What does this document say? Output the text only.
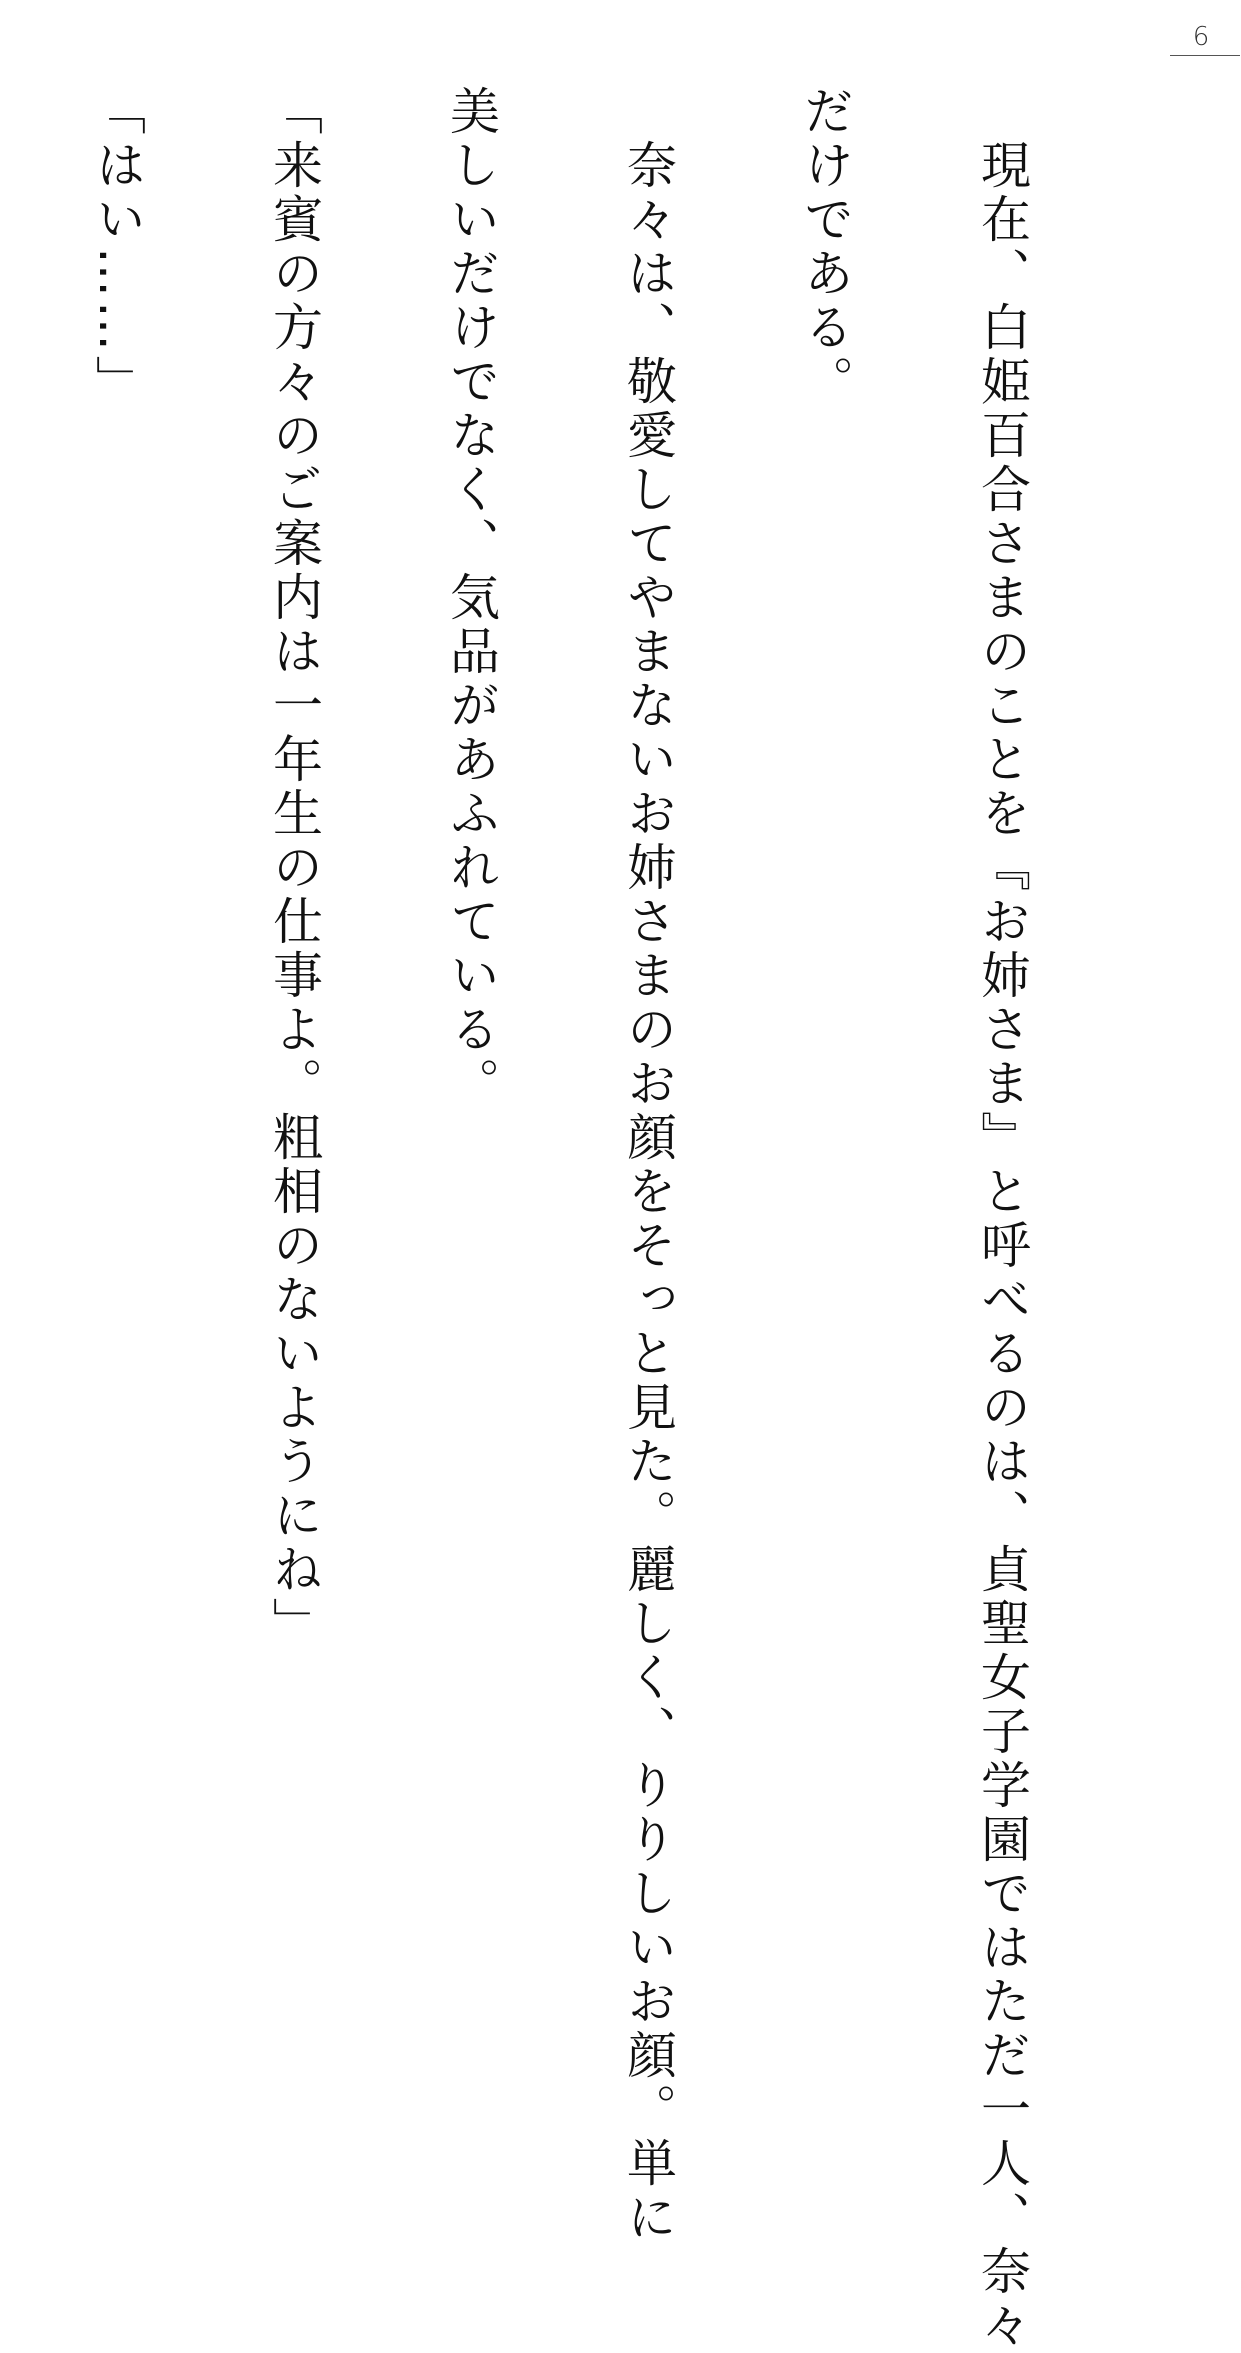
6

　現在、白姫百合さまのことを『お姉さま』と呼べるのは、貞聖女子学園ではただ一人、奈々

だけである。

　奈々は、敬愛してやまないお姉さまのお顔をそっと見た。麗しく、りりしいお顔。単に

美しいだけでなく、気品があふれている。

「来賓の方々のご案内は一年生の仕事よ。粗相のないようにね」

「はい……」
